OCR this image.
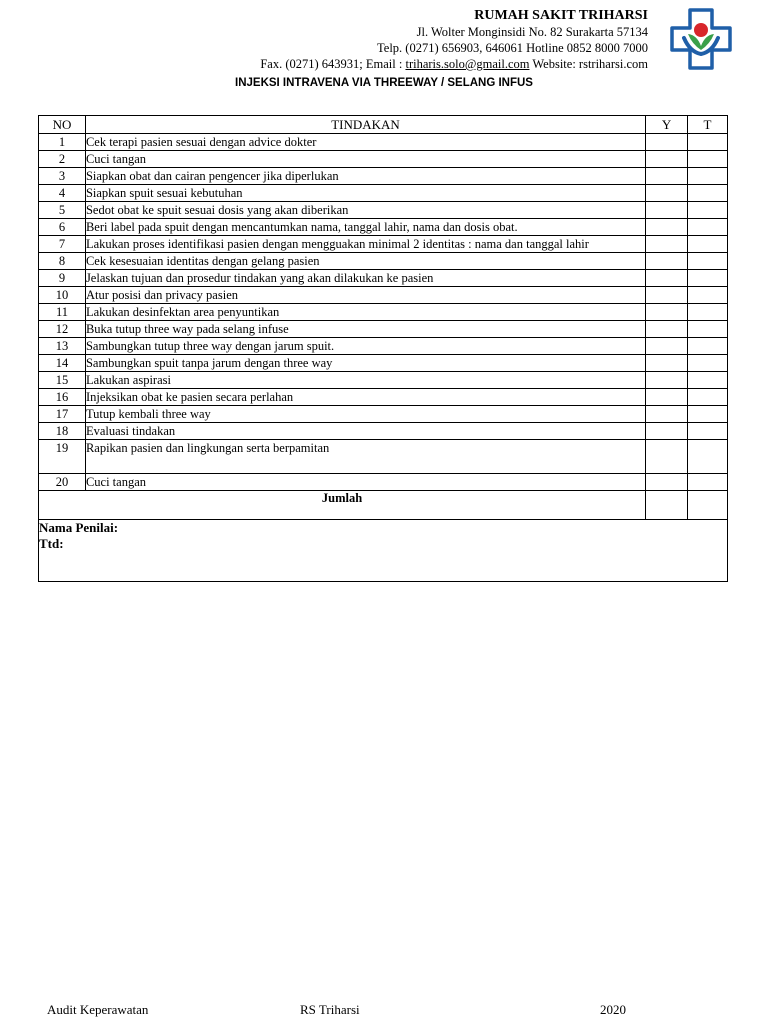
RUMAH SAKIT TRIHARSI
Jl. Wolter Monginsidi No. 82 Surakarta 57134
Telp. (0271) 656903, 646061 Hotline 0852 8000 7000
Fax. (0271) 643931; Email : triharis.solo@gmail.com Website: rstriharsi.com
INJEKSI INTRAVENA VIA THREEWAY / SELANG INFUS
NO	TINDAKAN	Y	T
1	Cek terapi pasien sesuai dengan advice dokter		
2	Cuci tangan		
3	Siapkan obat dan cairan pengencer jika diperlukan		
4	Siapkan spuit sesuai kebutuhan		
5	Sedot obat ke spuit sesuai dosis yang akan diberikan		
6	Beri label pada spuit dengan mencantumkan nama, tanggal lahir, nama dan dosis obat.		
7	Lakukan proses identifikasi pasien dengan mengguakan minimal 2 identitas : nama dan tanggal lahir		
8	Cek kesesuaian identitas dengan gelang pasien		
9	Jelaskan tujuan dan prosedur tindakan yang akan dilakukan ke pasien		
10	Atur posisi dan privacy pasien		
11	Lakukan desinfektan area penyuntikan		
12	Buka tutup three way pada selang infuse		
13	Sambungkan tutup three way dengan jarum spuit.		
14	Sambungkan spuit tanpa jarum dengan three way		
15	Lakukan aspirasi		
16	Injeksikan obat ke pasien secara perlahan		
17	Tutup kembali three way		
18	Evaluasi tindakan		
19	Rapikan pasien dan lingkungan serta berpamitan		
20	Cuci tangan		
Jumlah			

Nama Penilai:
Ttd:			
Audit Keperawatan	RS Triharsi	2020
